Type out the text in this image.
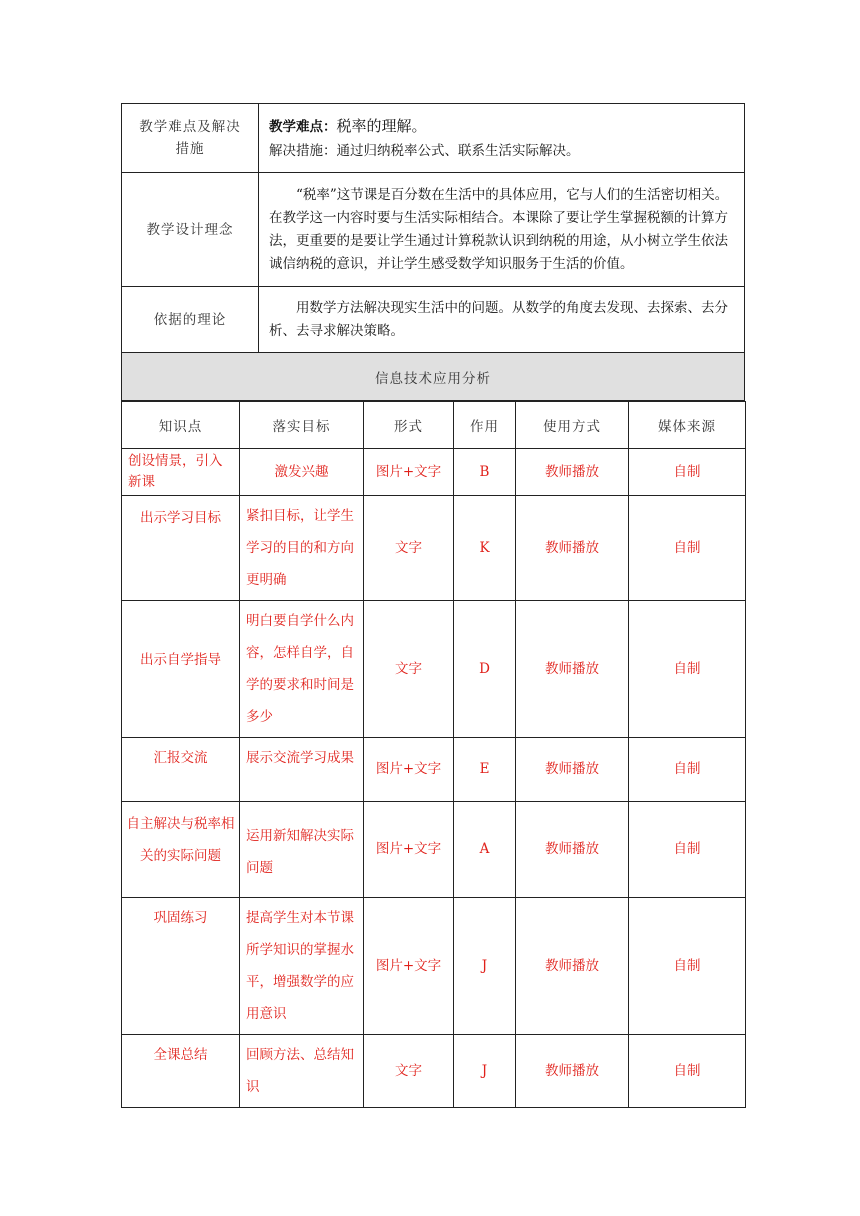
教学难点及解决措施	教学难点：税率的理解。
解决措施：通过归纳税率公式、联系生活实际解决。

教学设计理念	“税率”这节课是百分数在生活中的具体应用，它与人们的生活密切相关。在教学这一内容时要与生活实际相结合。本课除了要让学生掌握税额的计算方法，更重要的是要让学生通过计算税款认识到纳税的用途，从小树立学生依法诚信纳税的意识，并让学生感受数学知识服务于生活的价值。

依据的理论	用数学方法解决现实生活中的问题。从数学的角度去发现、去探索、去分析、去寻求解决策略。
信息技术应用分析
知识点	落实目标	形式	作用	使用方式	媒体来源
创设情景，引入新课	激发兴趣	图片+文字	B	教师播放	自制
出示学习目标	紧扣目标，让学生学习的目的和方向更明确	文字	K	教师播放	自制
出示自学指导	明白要自学什么内容，怎样自学，自学的要求和时间是多少	文字	D	教师播放	自制
汇报交流	展示交流学习成果	图片+文字	E	教师播放	自制
自主解决与税率相关的实际问题	运用新知解决实际问题	图片+文字	A	教师播放	自制
巩固练习	提高学生对本节课所学知识的掌握水平，增强数学的应用意识	图片+文字	J	教师播放	自制
全课总结	回顾方法、总结知识	文字	J	教师播放	自制
